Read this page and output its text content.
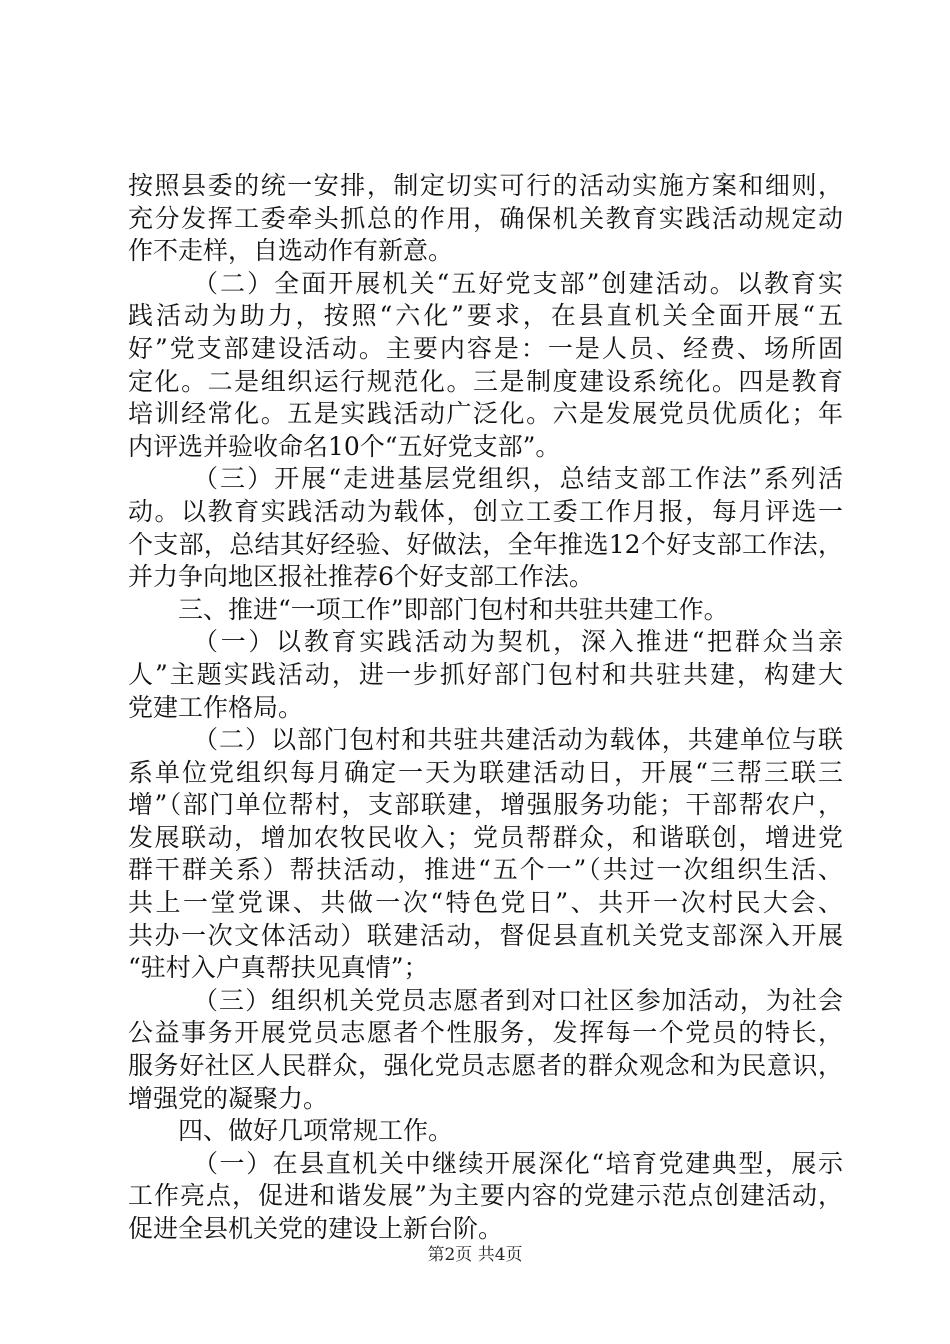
按照县委的统一安排，制定切实可行的活动实施方案和细则，
充分发挥工委牵头抓总的作用，确保机关教育实践活动规定动
作不走样，自选动作有新意。
（二）全面开展机关“五好党支部”创建活动。以教育实
践活动为助力，按照“六化”要求，在县直机关全面开展“五
好”党支部建设活动。主要内容是：一是人员、经费、场所固
定化。二是组织运行规范化。三是制度建设系统化。四是教育
培训经常化。五是实践活动广泛化。六是发展党员优质化；年
内评选并验收命名10个“五好党支部”。
（三）开展“走进基层党组织，总结支部工作法”系列活
动。以教育实践活动为载体，创立工委工作月报，每月评选一
个支部，总结其好经验、好做法，全年推选12个好支部工作法，
并力争向地区报社推荐6个好支部工作法。
三、推进“一项工作”即部门包村和共驻共建工作。
（一）以教育实践活动为契机，深入推进“把群众当亲
人”主题实践活动，进一步抓好部门包村和共驻共建，构建大
党建工作格局。
（二）以部门包村和共驻共建活动为载体，共建单位与联
系单位党组织每月确定一天为联建活动日，开展“三帮三联三
增”（部门单位帮村，支部联建，增强服务功能；干部帮农户，
发展联动，增加农牧民收入；党员帮群众，和谐联创，增进党
群干群关系）帮扶活动，推进“五个一”（共过一次组织生活、
共上一堂党课、共做一次“特色党日”、共开一次村民大会、
共办一次文体活动）联建活动，督促县直机关党支部深入开展
“驻村入户真帮扶见真情”；
（三）组织机关党员志愿者到对口社区参加活动，为社会
公益事务开展党员志愿者个性服务，发挥每一个党员的特长，
服务好社区人民群众，强化党员志愿者的群众观念和为民意识，
增强党的凝聚力。
四、做好几项常规工作。
（一）在县直机关中继续开展深化“培育党建典型，展示
工作亮点，促进和谐发展”为主要内容的党建示范点创建活动，
促进全县机关党的建设上新台阶。
第2页 共4页
